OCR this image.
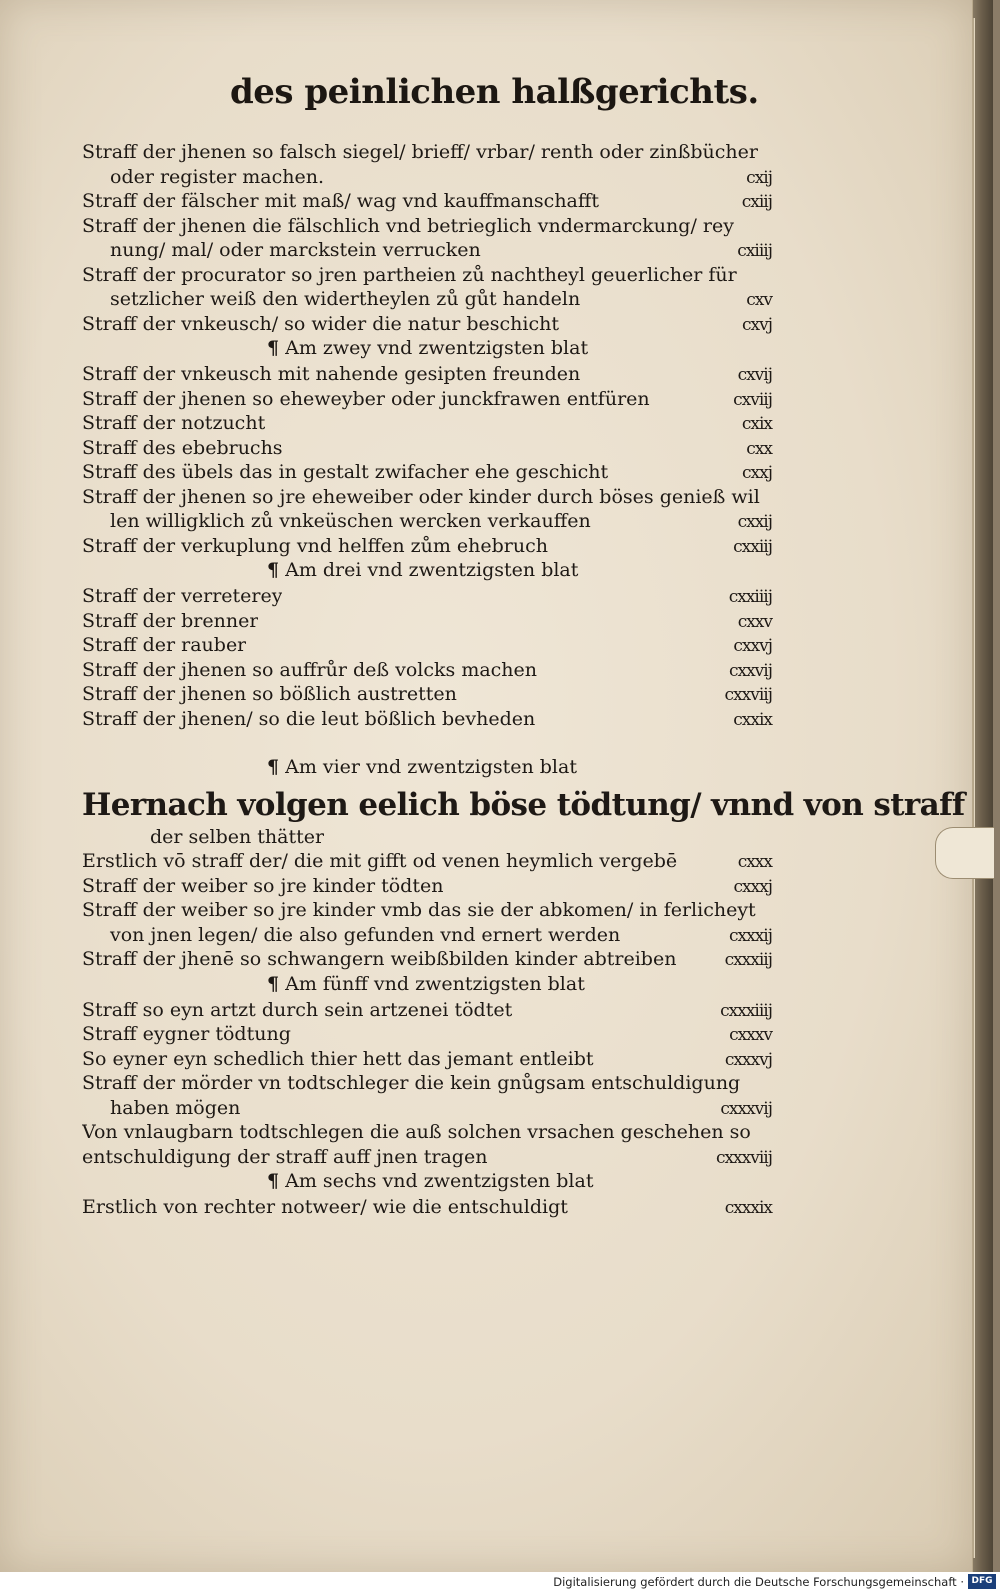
des peinlichen halßgerichts.
Straff der jhenen so falsch siegel/ brieff/ vrbar/ renth oder zinßbücher
oder register machen.	cxij
Straff der fälscher mit maß/ wag vnd kauffmanschafft	cxiij
Straff der jhenen die fälschlich vnd betrieglich vndermarckung/ rey
nung/ mal/ oder marckstein verrucken	cxiiij
Straff der procurator so jren partheien zů nachtheyl geuerlicher für
setzlicher weiß den widertheylen zů gůt handeln	cxv
Straff der vnkeusch/ so wider die natur beschicht	cxvj
¶ Am zwey vnd zwentzigsten blat
Straff der vnkeusch mit nahende gesipten freunden	cxvij
Straff der jhenen so eheweyber oder junckfrawen entfüren	cxviij
Straff der notzucht	cxix
Straff des ebebruchs	cxx
Straff des übels das in gestalt zwifacher ehe geschicht	cxxj
Straff der jhenen so jre eheweiber oder kinder durch böses genieß wil
len willigklich zů vnkeüschen wercken verkauffen	cxxij
Straff der verkuplung vnd helffen zům ehebruch	cxxiij
¶ Am drei vnd zwentzigsten blat
Straff der verreterey	cxxiiij
Straff der brenner	cxxv
Straff der rauber	cxxvj
Straff der jhenen so auffrůr deß volcks machen	cxxvij
Straff der jhenen so bößlich austretten	cxxviij
Straff der jhenen/ so die leut bößlich bevheden	cxxix
¶ Am vier vnd zwentzigsten blat
Hernach volgen eelich böse tödtung/ vnnd von straff
der selben thätter
Erstlich vō straff der/ die mit gifft od venen heymlich vergebē	cxxx
Straff der weiber so jre kinder tödten	cxxxj
Straff der weiber so jre kinder vmb das sie der abkomen/ in ferlicheyt
von jnen legen/ die also gefunden vnd ernert werden	cxxxij
Straff der jhenē so schwangern weibßbilden kinder abtreiben	cxxxiij
¶ Am fünff vnd zwentzigsten blat
Straff so eyn artzt durch sein artzenei tödtet	cxxxiiij
Straff eygner tödtung	cxxxv
So eyner eyn schedlich thier hett das jemant entleibt	cxxxvj
Straff der mörder vn todtschleger die kein gnůgsam entschuldigung
haben mögen	cxxxvij
Von vnlaugbarn todtschlegen die auß solchen vrsachen geschehen so
entschuldigung der straff auff jnen tragen	cxxxviij
¶ Am sechs vnd zwentzigsten blat
Erstlich von rechter notweer/ wie die entschuldigt	cxxxix
Digitalisierung gefördert durch die Deutsche Forschungsgemeinschaft · DFG
